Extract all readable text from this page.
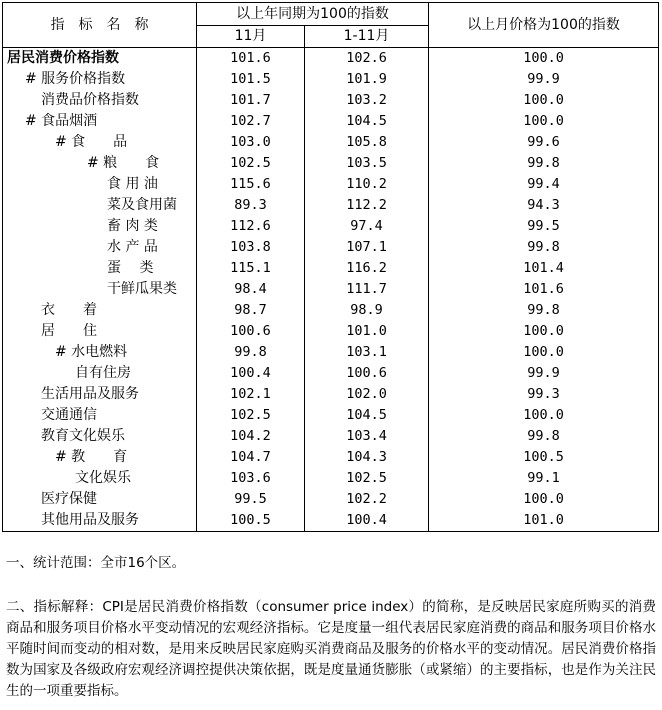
指　标　名　称	以上年同期为100的指数		以上月价格为100的指数
	11月	1-11月	
居民消费价格指数	101.6	102.6	100.0
# 服务价格指数	101.5	101.9	99.9
消费品价格指数	101.7	103.2	100.0
# 食品烟酒	102.7	104.5	100.0
# 食　　品	103.0	105.8	99.6
# 粮　　食	102.5	103.5	99.8
食 用 油	115.6	110.2	99.4
菜及食用菌	89.3	112.2	94.3
畜 肉 类	112.6	97.4	99.5
水 产 品	103.8	107.1	99.8
蛋　 类	115.1	116.2	101.4
干鲜瓜果类	98.4	111.7	101.6
衣　　着	98.7	98.9	99.8
居　　住	100.6	101.0	100.0
# 水电燃料	99.8	103.1	100.0
自有住房	100.4	100.6	99.9
生活用品及服务	102.1	102.0	99.3
交通通信	102.5	104.5	100.0
教育文化娱乐	104.2	103.4	99.8
# 教　　育	104.7	104.3	100.5
文化娱乐	103.6	102.5	99.1
医疗保健	99.5	102.2	100.0
其他用品及服务	100.5	100.4	101.0
一、统计范围：全市16个区。
二、指标解释：CPI是居民消费价格指数（consumer price index）的简称，是反映居民家庭所购买的消费商品和服务项目价格水平变动情况的宏观经济指标。它是度量一组代表居民家庭消费的商品和服务项目价格水平随时间而变动的相对数，是用来反映居民家庭购买消费商品及服务的价格水平的变动情况。居民消费价格指数为国家及各级政府宏观经济调控提供决策依据，既是度量通货膨胀（或紧缩）的主要指标，也是作为关注民生的一项重要指标。
